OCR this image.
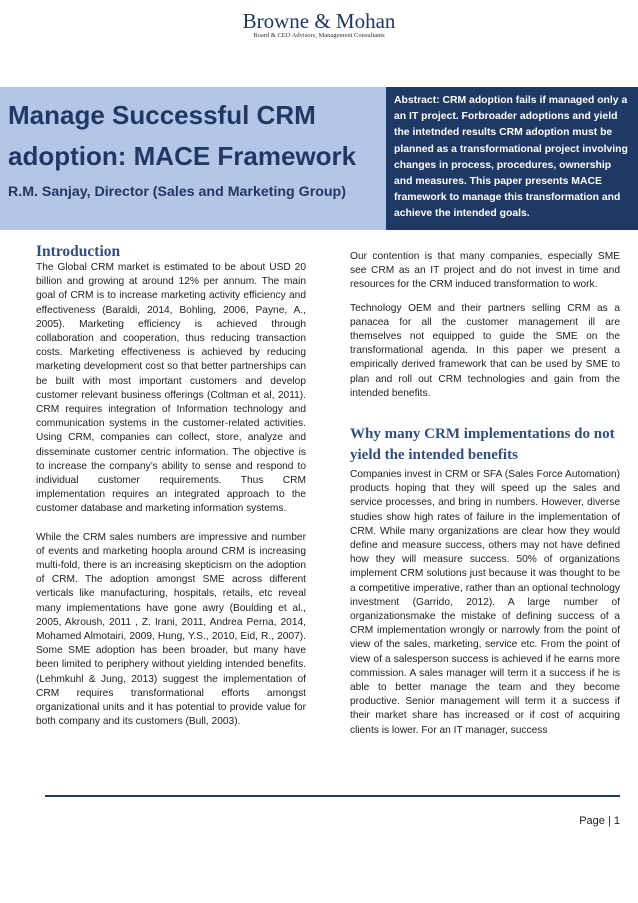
Browne & Mohan
Board & CEO Advisors, Management Consultants
Manage Successful CRM adoption: MACE Framework
R.M. Sanjay, Director (Sales and Marketing Group)
Abstract: CRM adoption fails if managed only a an IT project. Forbroader adoptions and yield the intetnded results CRM adoption must be planned as a transformational project involving changes in process, procedures, ownership and measures. This paper presents MACE framework to manage this transformation and achieve the intended goals.
Introduction

The Global CRM market is estimated to be about USD 20 billion and growing at around 12% per annum. The main goal of CRM is to increase marketing activity efficiency and effectiveness (Baraldi, 2014, Bohling, 2006, Payne, A., 2005). Marketing efficiency is achieved through collaboration and cooperation, thus reducing transaction costs. Marketing effectiveness is achieved by reducing marketing development cost so that better partnerships can be built with most important customers and develop customer relevant business offerings (Coltman et al, 2011). CRM requires integration of Information technology and communication systems in the customer-related activities. Using CRM, companies can collect, store, analyze and disseminate customer centric information. The objective is to increase the company’s ability to sense and respond to individual customer requirements. Thus CRM implementation requires an integrated approach to the customer database and marketing information systems.

While the CRM sales numbers are impressive and number of events and marketing hoopla around CRM is increasing multi-fold, there is an increasing skepticism on the adoption of CRM. The adoption amongst SME across different verticals like manufacturing, hospitals, retails, etc reveal many implementations have gone awry (Boulding et al., 2005, Akroush, 2011 , Z. Irani, 2011, Andrea Perna, 2014, Mohamed Almotairi, 2009, Hung, Y.S., 2010, Eid, R., 2007). Some SME adoption has been broader, but many have been limited to periphery without yielding intended benefits. (Lehmkuhl & Jung, 2013) suggest the implementation of CRM requires transformational efforts amongst organizational units and it has potential to provide value for both company and its customers (Bull, 2003).

Our contention is that many companies, especially SME see CRM as an IT project and do not invest in time and resources for the CRM induced transformation to work.

Technology OEM and their partners selling CRM as a panacea for all the customer management ill are themselves not equipped to guide the SME on the transformational agenda. In this paper we present a empirically derived framework that can be used by SME to plan and roll out CRM technologies and gain from the intended benefits.

Why many CRM implementations do not yield the intended benefits

Companies invest in CRM or SFA (Sales Force Automation) products hoping that they will speed up the sales and service processes, and bring in numbers. However, diverse studies show high rates of failure in the implementation of CRM. While many organizations are clear how they would define and measure success, others may not have defined how they will measure success. 50% of organizations implement CRM solutions just because it was thought to be a competitive imperative, rather than an optional technology investment (Garrido, 2012). A large number of organizationsmake the mistake of defining success of a CRM implementation wrongly or narrowly from the point of view of the sales, marketing, service etc. From the point of view of a salesperson success is achieved if he earns more commission. A sales manager will term it a success if he is able to better manage the team and they become productive. Senior management will term it a success if their market share has increased or if cost of acquiring clients is lower. For an IT manager, success

Page | 1
